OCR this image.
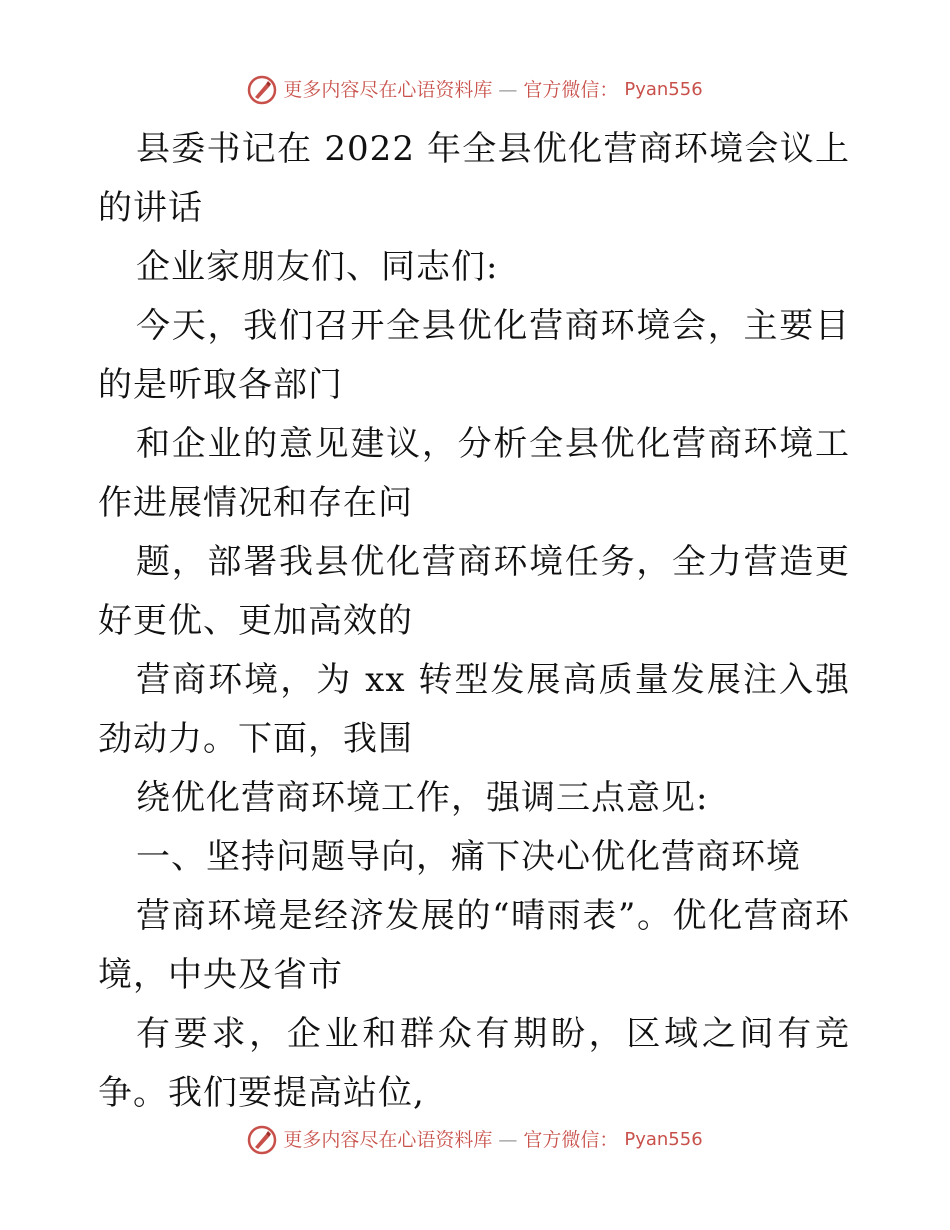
更多内容尽在心语资料库 — 官方微信： Pyan556

县委书记在 2022 年全县优化营商环境会议上的讲话

企业家朋友们、同志们:

今天，我们召开全县优化营商环境会，主要目的是听取各部门

和企业的意见建议，分析全县优化营商环境工作进展情况和存在问

题，部署我县优化营商环境任务，全力营造更好更优、更加高效的

营商环境，为 xx 转型发展高质量发展注入强劲动力。下面，我围

绕优化营商环境工作，强调三点意见:

一、坚持问题导向，痛下决心优化营商环境

营商环境是经济发展的“晴雨表”。优化营商环境，中央及省市

有要求，企业和群众有期盼，区域之间有竞争。我们要提高站位,

更多内容尽在心语资料库 — 官方微信： Pyan556
